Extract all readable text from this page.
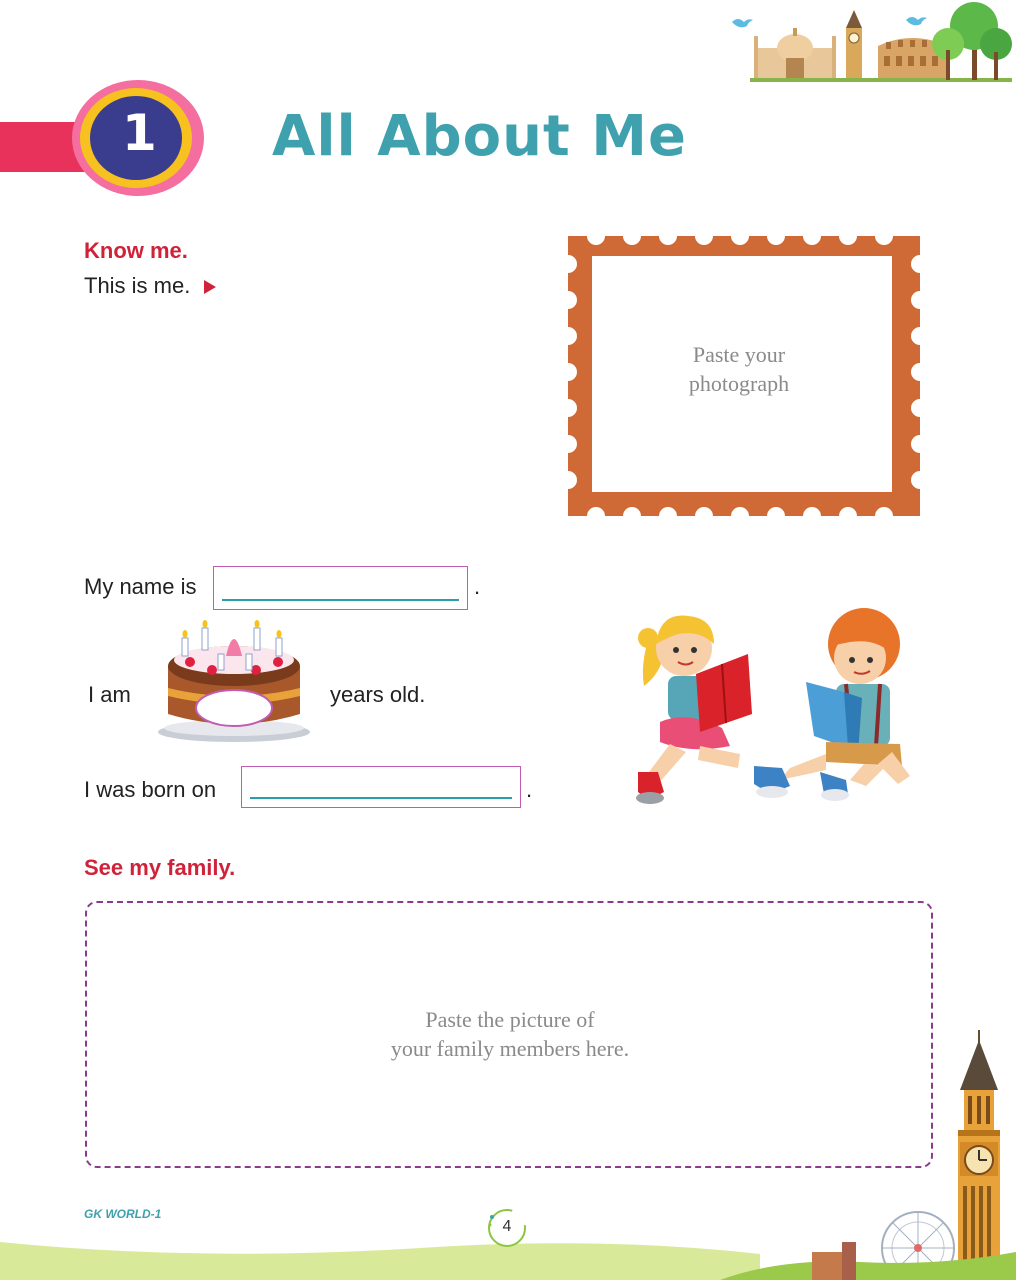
1 All About Me
Know me.
This is me.
Paste your
photograph
My name is	.
I am	years old.
I was born on	.
See my family.
Paste the picture of
your family members here.
GK WORLD-1
4
